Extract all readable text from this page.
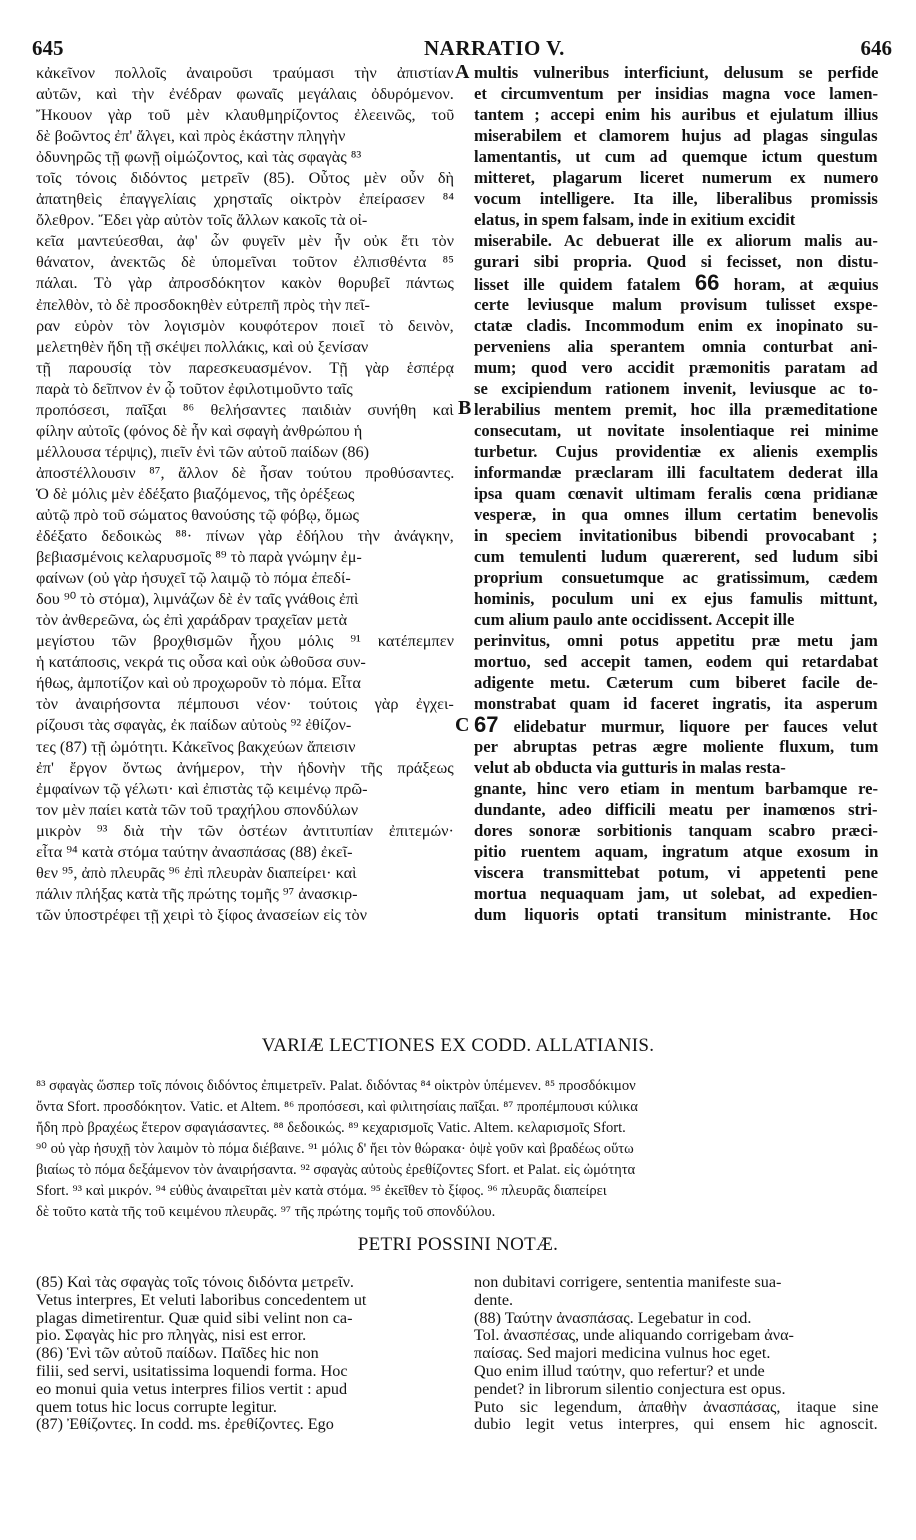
645	NARRATIO V.	646
κἀκεῖνον πολλοῖς ἀναιροῦσι τραύμασι τὴν ἀπιστίαν
αὐτῶν, καὶ τὴν ἐνέδραν φωναῖς μεγάλαις ὀδυρόμενον.
Ἤκουον γὰρ τοῦ μὲν κλαυθμηρίζοντος ἐλεεινῶς, τοῦ
δὲ βοῶντος ἐπ' ἄλγει, καὶ πρὸς ἑκάστην πληγὴν
ὀδυνηρῶς τῇ φωνῇ οἰμώζοντος, καὶ τὰς σφαγὰς ⁸³
τοῖς τόνοις διδόντος μετρεῖν (85). Οὗτος μὲν οὖν δὴ
ἀπατηθεὶς ἐπαγγελίαις χρησταῖς οἰκτρὸν ἐπείρασεν ⁸⁴
ὄλεθρον. Ἔδει γὰρ αὐτὸν τοῖς ἄλλων κακοῖς τὰ οἰ-
κεῖα μαντεύεσθαι, ἀφ' ὧν φυγεῖν μὲν ἦν οὐκ ἔτι τὸν
θάνατον, ἀνεκτῶς δὲ ὑπομεῖναι τοῦτον ἐλπισθέντα ⁸⁵
πάλαι. Τὸ γὰρ ἀπροσδόκητον κακὸν θορυβεῖ πάντως
ἐπελθὸν, τὸ δὲ προσδοκηθὲν εὐτρεπῆ πρὸς τὴν πεῖ-
ραν εὑρὸν τὸν λογισμὸν κουφότερον ποιεῖ τὸ δεινὸν,
μελετηθὲν ἤδη τῇ σκέψει πολλάκις, καὶ οὐ ξενίσαν
τῇ παρουσίᾳ τὸν παρεσκευασμένον. Τῇ γὰρ ἑσπέρᾳ
παρὰ τὸ δεῖπνον ἐν ᾧ τοῦτον ἐφιλοτιμοῦντο ταῖς
προπόσεσι, παῖξαι ⁸⁶ θελήσαντες παιδιὰν συνήθη καὶ
φίλην αὐτοῖς (φόνος δὲ ἦν καὶ σφαγὴ ἀνθρώπου ἡ
μέλλουσα τέρψις), πιεῖν ἑνὶ τῶν αὐτοῦ παίδων (86)
ἀποστέλλουσιν ⁸⁷, ἄλλον δὲ ἦσαν τούτου προθύσαντες.
Ὁ δὲ μόλις μὲν ἐδέξατο βιαζόμενος, τῆς ὀρέξεως
αὐτῷ πρὸ τοῦ σώματος θανούσης τῷ φόβῳ, ὅμως
ἐδέξατο δεδοικὼς ⁸⁸· πίνων γὰρ ἐδήλου τὴν ἀνάγκην,
βεβιασμένοις κελαρυσμοῖς ⁸⁹ τὸ παρὰ γνώμην ἐμ-
φαίνων (οὐ γὰρ ἡσυχεῖ τῷ λαιμῷ τὸ πόμα ἐπεδί-
δου ⁹⁰ τὸ στόμα), λιμνάζων δὲ ἐν ταῖς γνάθοις ἐπὶ
τὸν ἀνθερεῶνα, ὡς ἐπὶ χαράδραν τραχεῖαν μετὰ
μεγίστου τῶν βροχθισμῶν ἦχου μόλις ⁹¹ κατέπεμπεν
ἡ κατάποσις, νεκρά τις οὖσα καὶ οὐκ ὠθοῦσα συν-
ήθως, ἀμποτίζον καὶ οὐ προχωροῦν τὸ πόμα. Εἶτα
τὸν ἀναιρήσοντα πέμπουσι νέον· τούτοις γὰρ ἐγχει-
ρίζουσι τὰς σφαγὰς, ἐκ παίδων αὐτοὺς ⁹² ἐθίζον-
τες (87) τῇ ὠμότητι. Κἀκεῖνος βακχεύων ἄπεισιν
ἐπ' ἔργον ὄντως ἀνήμερον, τὴν ἡδονὴν τῆς πράξεως
ἐμφαίνων τῷ γέλωτι· καὶ ἐπιστὰς τῷ κειμένῳ πρῶ-
τον μὲν παίει κατὰ τῶν τοῦ τραχήλου σπονδύλων
μικρὸν ⁹³ διὰ τὴν τῶν ὀστέων ἀντιτυπίαν ἐπιτεμών·
εἶτα ⁹⁴ κατὰ στόμα ταύτην ἀνασπάσας (88) ἐκεῖ-
θεν ⁹⁵, ἀπὸ πλευρᾶς ⁹⁶ ἐπὶ πλευρὰν διαπείρει· καὶ
πάλιν πλήξας κατὰ τῆς πρώτης τομῆς ⁹⁷ ἀνασκιρ-
τῶν ὑποστρέφει τῇ χειρὶ τὸ ξίφος ἀνασείων εἰς τὸν
multis vulneribus interficiunt, delusum se perfide
et circumventum per insidias magna voce lamen-
tantem ; accepi enim his auribus et ejulatum illius
miserabilem et clamorem hujus ad plagas singulas
lamentantis, ut cum ad quemque ictum questum
mitteret, plagarum liceret numerum ex numero
vocum intelligere. Ita ille, liberalibus promissis
elatus, in spem falsam, inde in exitium excidit
miserabile. Ac debuerat ille ex aliorum malis au-
gurari sibi propria. Quod si fecisset, non distu-
lisset ille quidem fatalem 66 horam, at æquius
certe leviusque malum provisum tulisset exspe-
ctatæ cladis. Incommodum enim ex inopinato su-
perveniens alia sperantem omnia conturbat ani-
mum; quod vero accidit præmonitis paratam ad
se excipiendum rationem invenit, leviusque ac to-
lerabilius mentem premit, hoc illa præmeditatione
consecutam, ut novitate insolentiaque rei minime
turbetur. Cujus providentiæ ex alienis exemplis
informandæ præclaram illi facultatem dederat illa
ipsa quam cœnavit ultimam feralis cœna pridianæ
vesperæ, in qua omnes illum certatim benevolis
in speciem invitationibus bibendi provocabant ;
cum temulenti ludum quærerent, sed ludum sibi
proprium consuetumque ac gratissimum, cædem
hominis, poculum uni ex ejus famulis mittunt,
cum alium paulo ante occidissent. Accepit ille
perinvitus, omni potus appetitu præ metu jam
mortuo, sed accepit tamen, eodem qui retardabat
adigente metu. Cæterum cum biberet facile de-
monstrabat quam id faceret ingratis, ita asperum
67 elidebatur murmur, liquore per fauces velut
per abruptas petras ægre moliente fluxum, tum
velut ab obducta via gutturis in malas resta-
gnante, hinc vero etiam in mentum barbamque re-
dundante, adeo difficili meatu per inamœnos stri-
dores sonoræ sorbitionis tanquam scabro præci-
pitio ruentem aquam, ingratum atque exosum in
viscera transmittebat potum, vi appetenti pene
mortua nequaquam jam, ut solebat, ad expedien-
dum liquoris optati transitum ministrante. Hoc
A
B
C
VARIÆ LECTIONES EX CODD. ALLATIANIS.
⁸³ σφαγὰς ὥσπερ τοῖς πόνοις διδόντος ἐπιμετρεῖν. Palat. διδόντας ⁸⁴ οἰκτρὸν ὑπέμενεν. ⁸⁵ προσδόκιμον
ὄντα Sfort. προσδόκητον. Vatic. et Altem. ⁸⁶ προπόσεσι, καὶ φιλιτησίαις παῖξαι. ⁸⁷ προπέμπουσι κύλικα
ἤδη πρὸ βραχέως ἕτερον σφαγιάσαντες. ⁸⁸ δεδοικώς. ⁸⁹ κεχαρισμοῖς Vatic. Altem. κελαρισμοῖς Sfort.
⁹⁰ οὐ γὰρ ἡσυχῇ τὸν λαιμὸν τὸ πόμα διέβαινε. ⁹¹ μόλις δ' ἤει τὸν θώρακα· ὀψὲ γοῦν καὶ βραδέως οὕτω
βιαίως τὸ πόμα δεξάμενον τὸν ἀναιρήσαντα. ⁹² σφαγὰς αὐτοὺς ἐρεθίζοντες Sfort. et Palat. εἰς ὠμότητα
Sfort. ⁹³ καὶ μικρόν. ⁹⁴ εὐθὺς ἀναιρεῖται μὲν κατὰ στόμα. ⁹⁵ ἐκεῖθεν τὸ ξίφος. ⁹⁶ πλευρᾶς διαπείρει
δὲ τοῦτο κατὰ τῆς τοῦ κειμένου πλευρᾶς. ⁹⁷ τῆς πρώτης τομῆς τοῦ σπονδύλου.
PETRI POSSINI NOTÆ.
(85) Καὶ τὰς σφαγὰς τοῖς τόνοις διδόντα μετρεῖν.
Vetus interpres, Et veluti laboribus concedentem ut
plagas dimetirentur. Quæ quid sibi velint non ca-
pio. Σφαγὰς hic pro πληγὰς, nisi est error.
(86) Ἑνὶ τῶν αὐτοῦ παίδων. Παῖδες hic non
filii, sed servi, usitatissima loquendi forma. Hoc
eo monui quia vetus interpres filios vertit : apud
quem totus hic locus corrupte legitur.
(87) Ἐθίζοντες. In codd. ms. ἐρεθίζοντες. Ego
non dubitavi corrigere, sententia manifeste sua-
dente.
(88) Ταύτην ἀνασπάσας. Legebatur in cod.
Tol. ἀνασπέσας, unde aliquando corrigebam ἀνα-
παίσας. Sed majori medicina vulnus hoc eget.
Quo enim illud ταύτην, quo refertur? et unde
pendet? in librorum silentio conjectura est opus.
Puto sic legendum, ἀπαθὴν ἀνασπάσας, itaque sine
dubio legit vetus interpres, qui ensem hic agnoscit.
